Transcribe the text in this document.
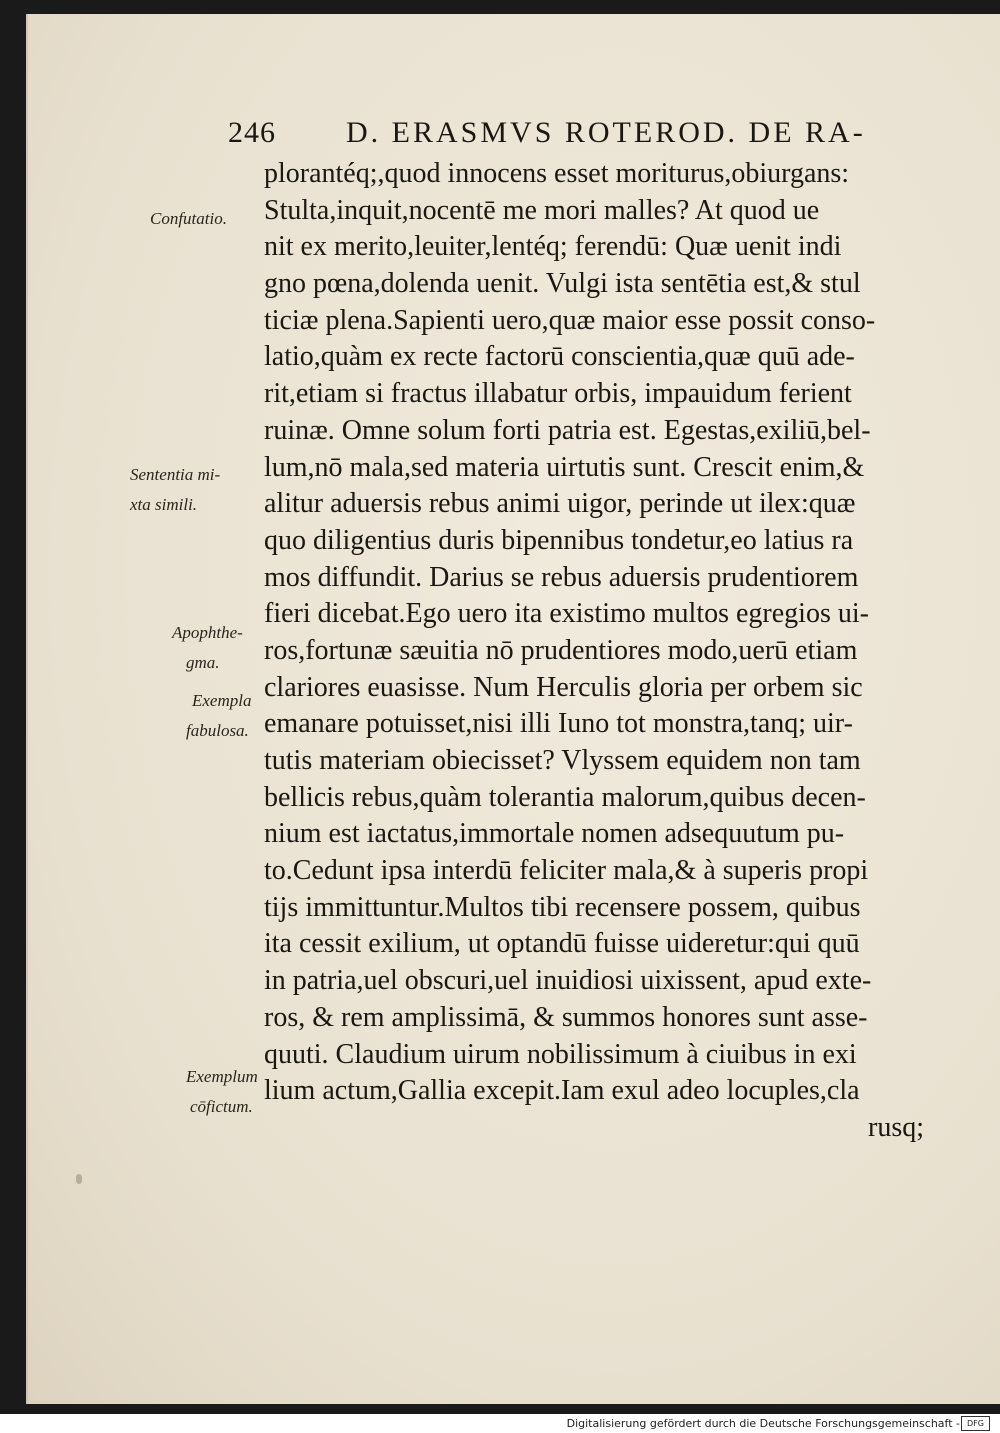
246 D. ERASMVS ROTEROD. DE RA-
plorantéq;,quod innocens esset moriturus,obiurgans:
Stulta,inquit,nocentē me mori malles? At quod ue
nit ex merito,leuiter,lentéq; ferendū: Quæ uenit indi
gno pœna,dolenda uenit. Vulgi ista sentētia est,& stul
ticiæ plena.Sapienti uero,quæ maior esse possit conso-
latio,quàm ex recte factorū conscientia,quæ quū ade-
rit,etiam si fractus illabatur orbis, impauidum ferient
ruinæ. Omne solum forti patria est. Egestas,exiliū,bel-
lum,nō mala,sed materia uirtutis sunt. Crescit enim,&
alitur aduersis rebus animi uigor, perinde ut ilex:quæ
quo diligentius duris bipennibus tondetur,eo latius ra
mos diffundit. Darius se rebus aduersis prudentiorem
fieri dicebat.Ego uero ita existimo multos egregios ui-
ros,fortunæ sæuitia nō prudentiores modo,uerū etiam
clariores euasisse. Num Herculis gloria per orbem sic
emanare potuisset,nisi illi Iuno tot monstra,tanq; uir-
tutis materiam obiecisset? Vlyssem equidem non tam
bellicis rebus,quàm tolerantia malorum,quibus decen-
nium est iactatus,immortale nomen adsequutum pu-
to.Cedunt ipsa interdū feliciter mala,& à superis propi
tijs immittuntur.Multos tibi recensere possem, quibus
ita cessit exilium, ut optandū fuisse uideretur:qui quū
in patria,uel obscuri,uel inuidiosi uixissent, apud exte-
ros, & rem amplissimā, & summos honores sunt asse-
quuti. Claudium uirum nobilissimum à ciuibus in exi
lium actum,Gallia excepit.Iam exul adeo locuples,cla
rusq;
Confutatio.
Sententia mi-
xta simili.
Apophthe-
gma.
Exempla
fabulosa.
Exemplum
cōfictum.
Digitalisierung gefördert durch die Deutsche Forschungsgemeinschaft - DFG
